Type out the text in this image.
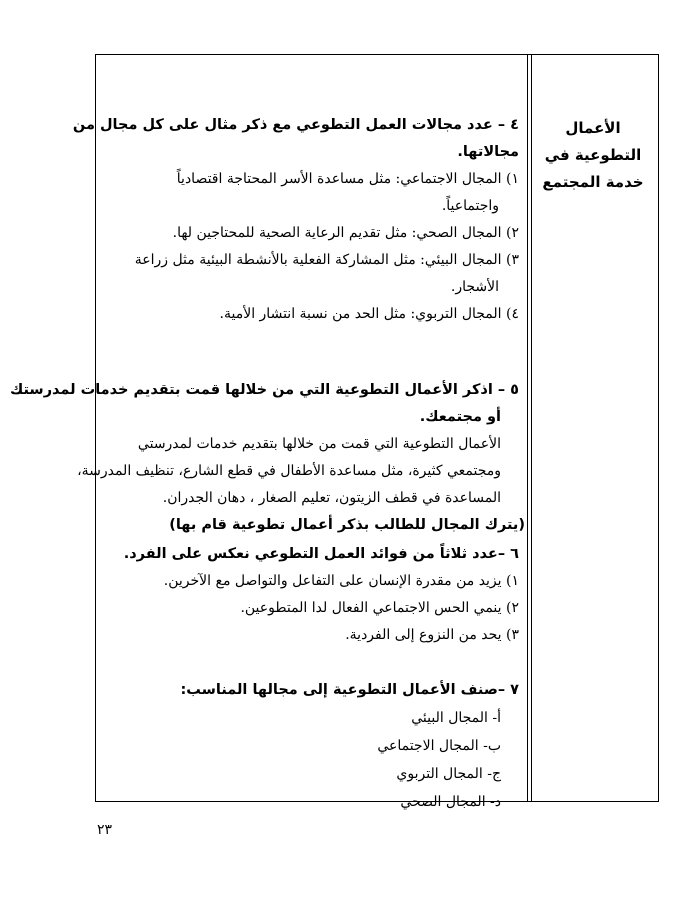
الأعمال
التطوعية في
خدمة المجتمع
٤ – عدد مجالات العمل التطوعي مع ذكر مثال على كل مجال من
مجالاتها.
١) المجال الاجتماعي: مثل مساعدة الأسر المحتاجة اقتصادياً
واجتماعياً.
٢) المجال الصحي: مثل تقديم الرعاية الصحية للمحتاجين لها.
٣) المجال البيئي: مثل المشاركة الفعلية بالأنشطة البيئية مثل زراعة
الأشجار.
٤) المجال التربوي: مثل الحد من نسبة انتشار الأمية.
٥ – اذكر الأعمال التطوعية التي من خلالها قمت بتقديم خدمات لمدرستك
أو مجتمعك.
الأعمال التطوعية التي قمت من خلالها بتقديم خدمات لمدرستي
ومجتمعي كثيرة، مثل مساعدة الأطفال في قطع الشارع، تنظيف المدرسة،
المساعدة في قطف الزيتون، تعليم الصغار ، دهان الجدران.
(يترك المجال للطالب بذكر أعمال تطوعية قام بها)
٦ –عدد ثلاثاً من فوائد العمل التطوعي نعكس على الفرد.
١) يزيد من مقدرة الإنسان على التفاعل والتواصل مع الآخرين.
٢) ينمي الحس الاجتماعي الفعال لدا المتطوعين.
٣) يحد من النزوع إلى الفردية.
٧ –صنف الأعمال التطوعية إلى مجالها المناسب:
أ- المجال البيئي
ب- المجال الاجتماعي
ج- المجال التربوي
د- المجال الصحي
٢٣
